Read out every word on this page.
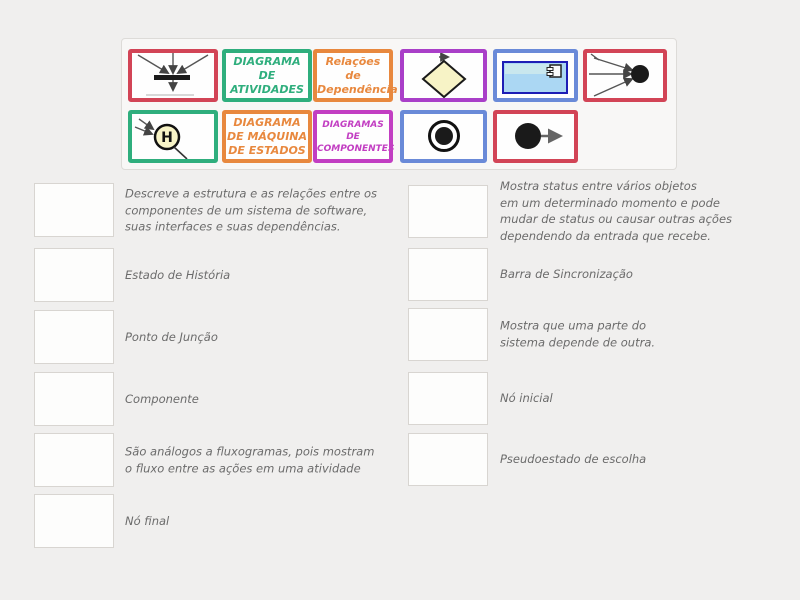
DIAGRAMA
DE
ATIVIDADES
Relações de
Dependência
H
DIAGRAMA
DE MÁQUINA
DE ESTADOS
DIAGRAMAS
DE
COMPONENTES
Descreve a estrutura e as relações entre os
componentes de um sistema de software,
suas interfaces e suas dependências.
Estado de História
Ponto de Junção
Componente
São análogos a fluxogramas, pois mostram
o fluxo entre as ações em uma atividade
Nó final
Mostra status entre vários objetos
em um determinado momento e pode
mudar de status ou causar outras ações
dependendo da entrada que recebe.
Barra de Sincronização
Mostra que uma parte do
sistema depende de outra.
Nó inicial
Pseudoestado de escolha
